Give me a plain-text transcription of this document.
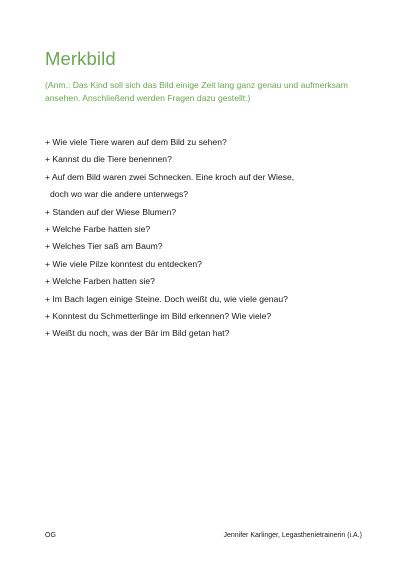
Merkbild

(Anm.: Das Kind soll sich das Bild einige Zeit lang ganz genau und aufmerksam ansehen. Anschließend werden Fragen dazu gestellt.)

+ Wie viele Tiere waren auf dem Bild zu sehen?
+ Kannst du die Tiere benennen?
+ Auf dem Bild waren zwei Schnecken. Eine kroch auf der Wiese,
doch wo war die andere unterwegs?
+ Standen auf der Wiese Blumen?
+ Welche Farbe hatten sie?
+ Welches Tier saß am Baum?
+ Wie viele Pilze konntest du entdecken?
+ Welche Farben hatten sie?
+ Im Bach lagen einige Steine. Doch weißt du, wie viele genau?
+ Konntest du Schmetterlinge im Bild erkennen? Wie viele?
+ Weißt du noch, was der Bär im Bild getan hat?
OG	Jennifer Karlinger, Legasthenietrainerin (i.A.)
